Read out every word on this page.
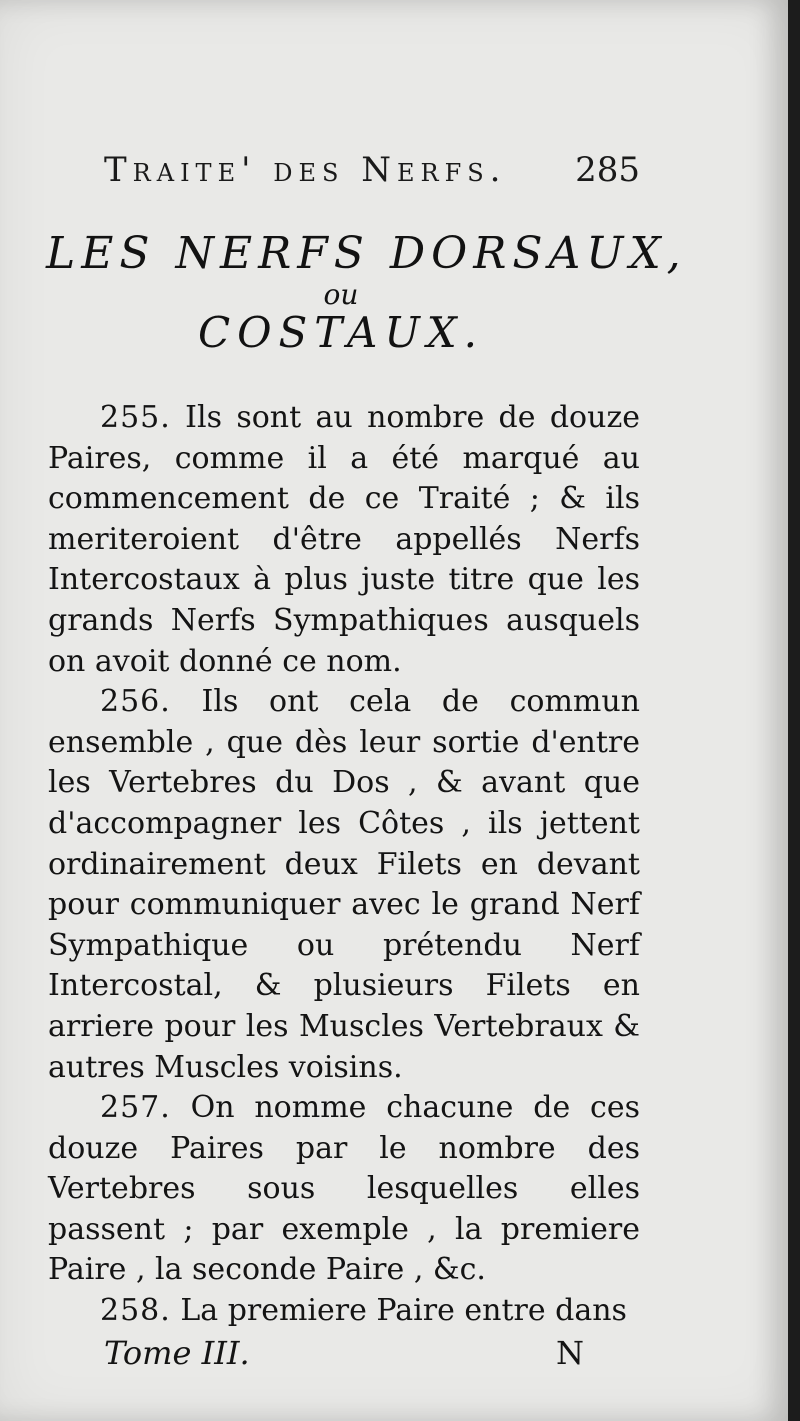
Traite' des Nerfs. 285
LES NERFS DORSAUX,
ou
COSTAUX.

255. Ils sont au nombre de douze Paires, comme il a été marqué au commencement de ce Traité ; & ils meriteroient d'être appellés Nerfs Intercostaux à plus juste titre que les grands Nerfs Sympathiques ausquels on avoit donné ce nom.

256. Ils ont cela de commun ensemble , que dès leur sortie d'entre les Vertebres du Dos , & avant que d'accompagner les Côtes , ils jettent ordinairement deux Filets en devant pour communiquer avec le grand Nerf Sympathique ou prétendu Nerf Intercostal, & plusieurs Filets en arriere pour les Muscles Vertebraux & autres Muscles voisins.

257. On nomme chacune de ces douze Paires par le nombre des Vertebres sous lesquelles elles passent ; par exemple , la premiere Paire , la seconde Paire , &c.

258. La premiere Paire entre dans

Tome III.	N
